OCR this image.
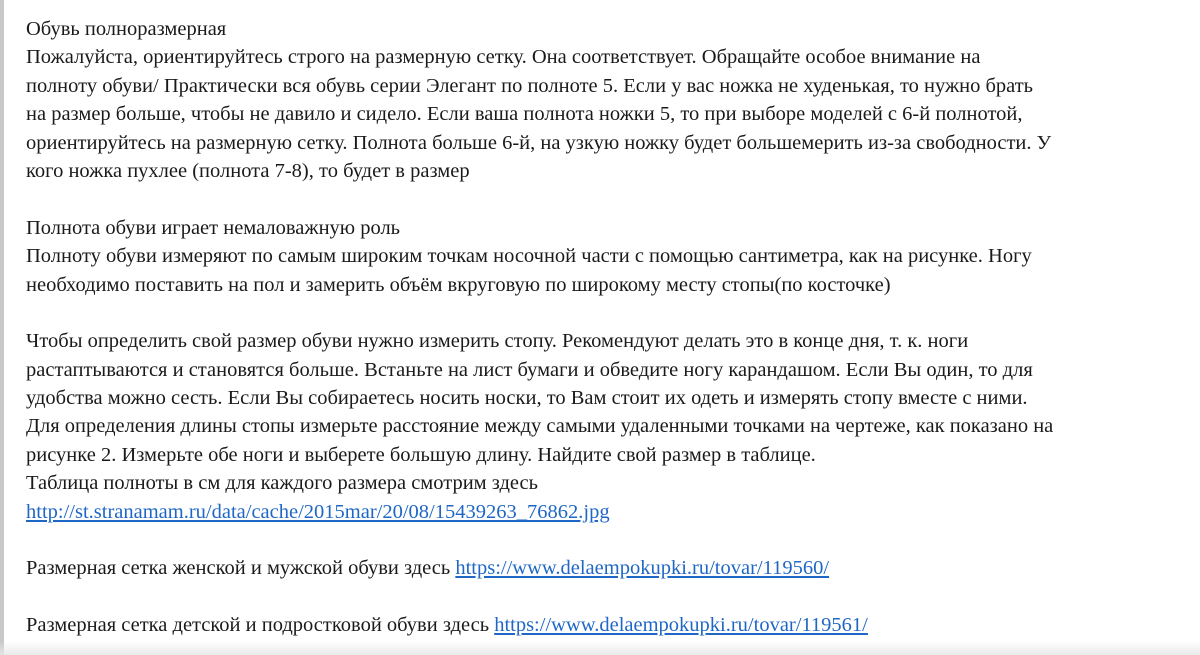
Обувь полноразмерная
Пожалуйста, ориентируйтесь строго на размерную сетку. Она соответствует. Обращайте особое внимание на
полноту обуви/ Практически вся обувь серии Элегант по полноте 5. Если у вас ножка не худенькая, то нужно брать
на размер больше, чтобы не давило и сидело. Если ваша полнота ножки 5, то при выборе моделей с 6-й полнотой,
ориентируйтесь на размерную сетку. Полнота больше 6-й, на узкую ножку будет большемерить из-за свободности. У
кого ножка пухлее (полнота 7-8), то будет в размер
Полнота обуви играет немаловажную роль
Полноту обуви измеряют по самым широким точкам носочной части с помощью сантиметра, как на рисунке. Ногу
необходимо поставить на пол и замерить объём вкруговую по широкому месту стопы(по косточке)
Чтобы определить свой размер обуви нужно измерить стопу. Рекомендуют делать это в конце дня, т. к. ноги
растаптываются и становятся больше. Встаньте на лист бумаги и обведите ногу карандашом. Если Вы один, то для
удобства можно сесть. Если Вы собираетесь носить носки, то Вам стоит их одеть и измерять стопу вместе с ними.
Для определения длины стопы измерьте расстояние между самыми удаленными точками на чертеже, как показано на
рисунке 2. Измерьте обе ноги и выберете большую длину. Найдите свой размер в таблице.
Таблица полноты в см для каждого размера смотрим здесь
http://st.stranamam.ru/data/cache/2015mar/20/08/15439263_76862.jpg
Размерная сетка женской и мужской обуви здесь https://www.delaempokupki.ru/tovar/119560/
Размерная сетка детской и подростковой обуви здесь https://www.delaempokupki.ru/tovar/119561/
